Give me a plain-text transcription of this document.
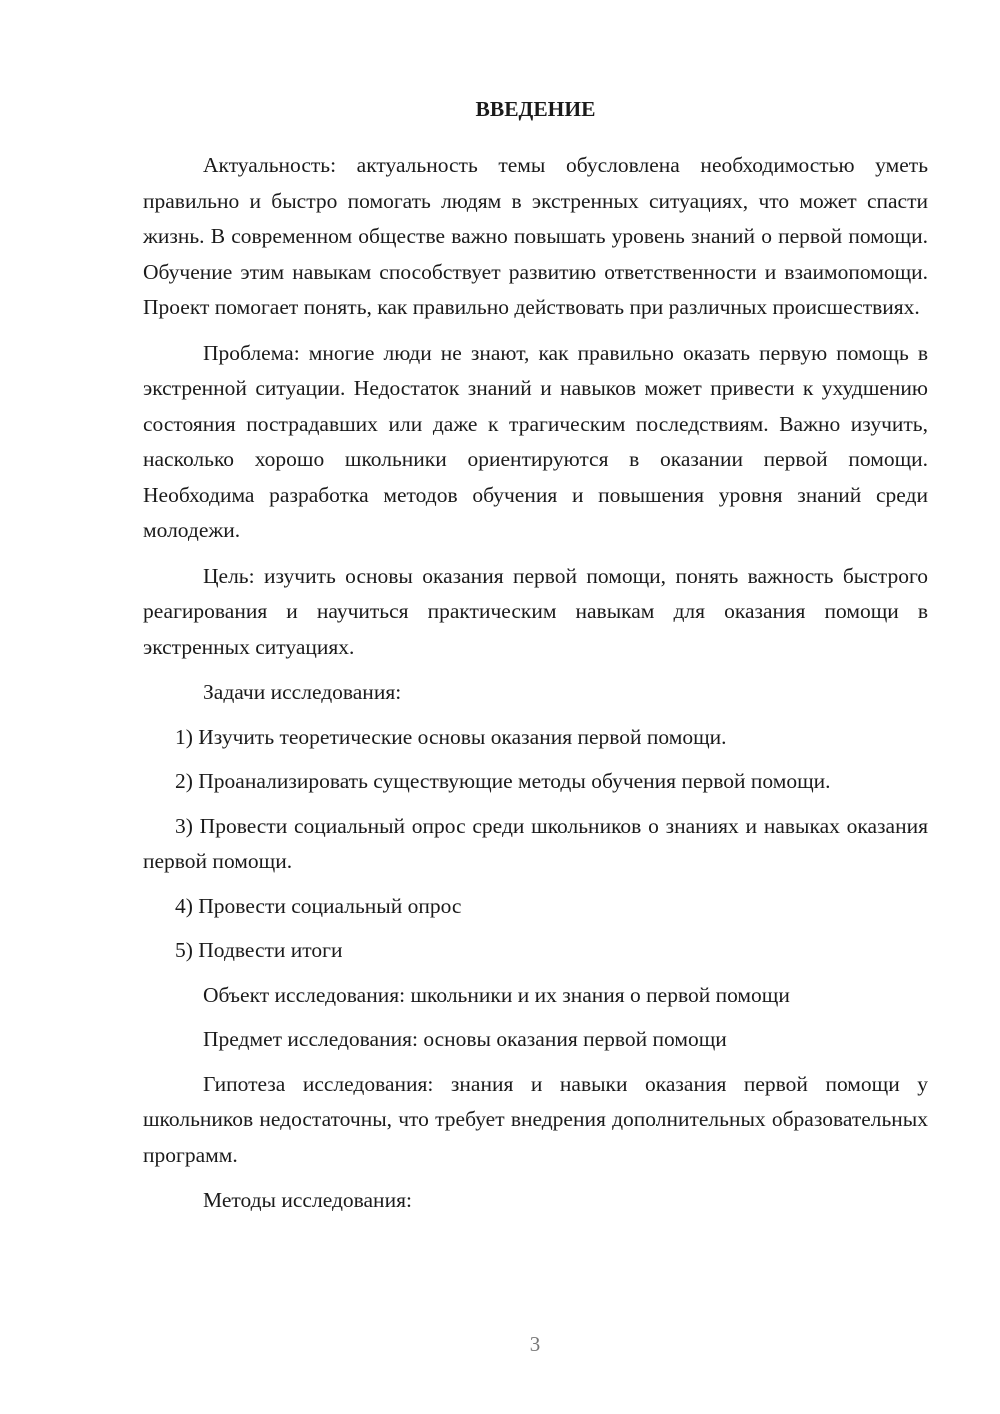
ВВЕДЕНИЕ

Актуальность: актуальность темы обусловлена необходимостью уметь правильно и быстро помогать людям в экстренных ситуациях, что может спасти жизнь. В современном обществе важно повышать уровень знаний о первой помощи. Обучение этим навыкам способствует развитию ответственности и взаимопомощи. Проект помогает понять, как правильно действовать при различных происшествиях.

Проблема: многие люди не знают, как правильно оказать первую помощь в экстренной ситуации. Недостаток знаний и навыков может привести к ухудшению состояния пострадавших или даже к трагическим последствиям. Важно изучить, насколько хорошо школьники ориентируются в оказании первой помощи. Необходима разработка методов обучения и повышения уровня знаний среди молодежи.

Цель: изучить основы оказания первой помощи, понять важность быстрого реагирования и научиться практическим навыкам для оказания помощи в экстренных ситуациях.

Задачи исследования:

1) Изучить теоретические основы оказания первой помощи.

2) Проанализировать существующие методы обучения первой помощи.

3) Провести социальный опрос среди школьников о знаниях и навыках оказания первой помощи.

4) Провести социальный опрос

5) Подвести итоги

Объект исследования: школьники и их знания о первой помощи

Предмет исследования: основы оказания первой помощи

Гипотеза исследования: знания и навыки оказания первой помощи у школьников недостаточны, что требует внедрения дополнительных образовательных программ.

Методы исследования:

3
